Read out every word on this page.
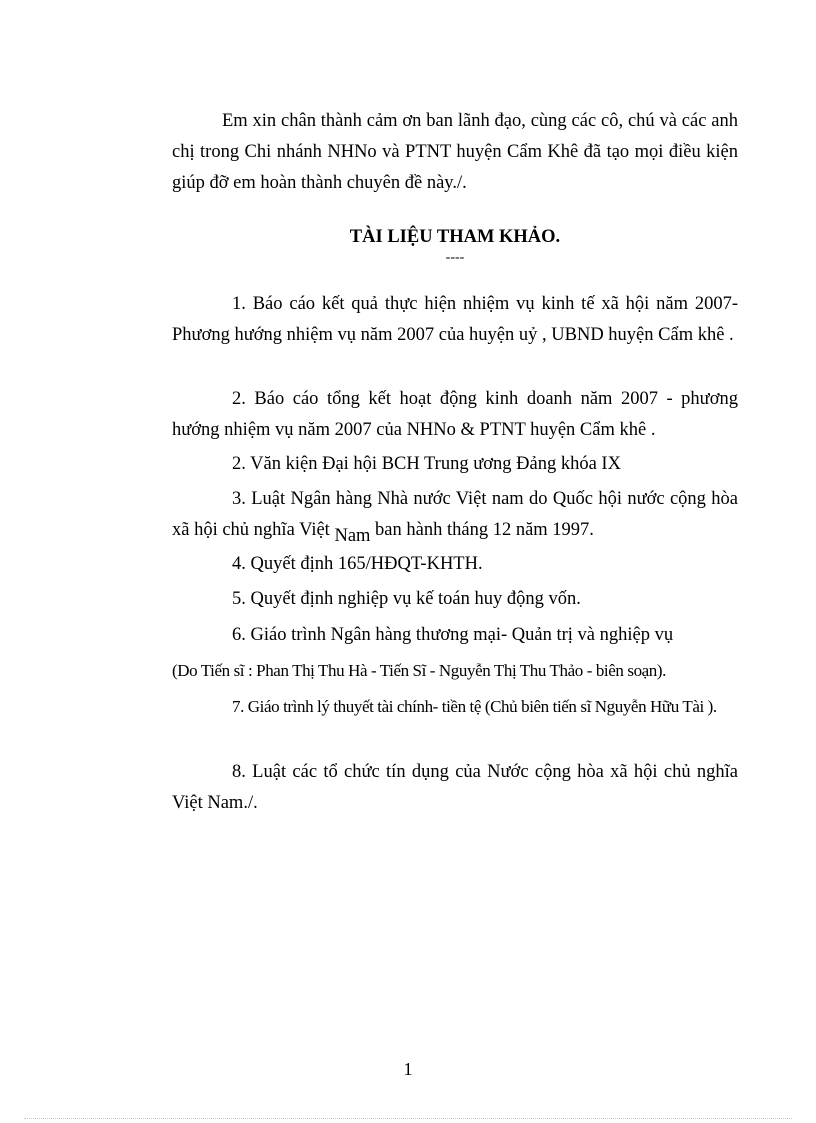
Em xin chân thành cảm ơn ban lãnh đạo, cùng các cô, chú và các anh chị trong Chi nhánh NHNo và PTNT huyện Cẩm Khê đã tạo mọi điều kiện giúp đỡ em hoàn thành chuyên đề này./.

TÀI LIỆU THAM KHẢO.

----

1. Báo cáo kết quả thực hiện nhiệm vụ kinh tế xã hội năm 2007- Phương hướng nhiệm vụ năm 2007 của huyện uỷ , UBND huyện Cẩm khê .

2. Báo cáo tổng kết hoạt động kinh doanh năm 2007 - phương hướng nhiệm vụ năm 2007 của NHNo & PTNT huyện Cẩm khê .

2. Văn kiện Đại hội BCH Trung ương Đảng khóa IX

3. Luật Ngân hàng Nhà nước Việt nam do Quốc hội nước cộng hòa xã hội chủ nghĩa Việt Nam ban hành tháng 12 năm 1997.

4. Quyết định 165/HĐQT-KHTH.

5. Quyết định nghiệp vụ kế toán huy động vốn.

6. Giáo trình Ngân hàng thương mại- Quản trị và nghiệp vụ

(Do Tiến sĩ : Phan Thị Thu Hà - Tiến Sĩ - Nguyễn Thị Thu Thảo - biên soạn).

7. Giáo trình lý thuyết tài chính- tiền tệ (Chủ biên tiến sĩ Nguyễn Hữu Tài ).

8. Luật các tổ chức tín dụng của Nước cộng hòa xã hội chủ nghĩa Việt Nam./.

1
